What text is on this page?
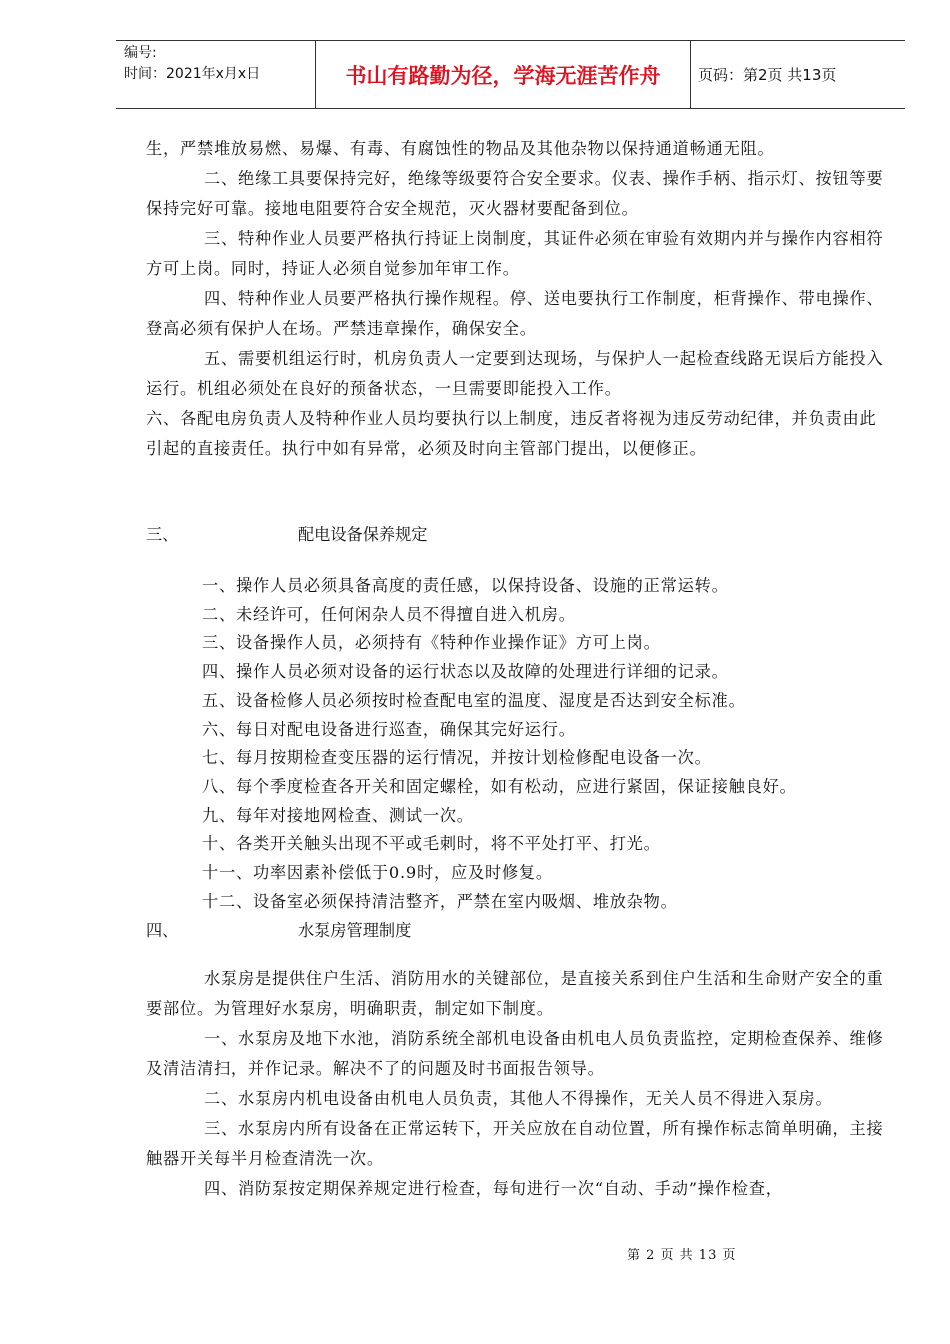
编号:
时间：2021年x月x日	书山有路勤为径，学海无涯苦作舟	页码：第2页 共13页

生，严禁堆放易燃、易爆、有毒、有腐蚀性的物品及其他杂物以保持通道畅通无阻。

二、绝缘工具要保持完好，绝缘等级要符合安全要求。仪表、操作手柄、指示灯、按钮等要保持完好可靠。接地电阻要符合安全规范，灭火器材要配备到位。

三、特种作业人员要严格执行持证上岗制度，其证件必须在审验有效期内并与操作内容相符方可上岗。同时，持证人必须自觉参加年审工作。

四、特种作业人员要严格执行操作规程。停、送电要执行工作制度，柜背操作、带电操作、登高必须有保护人在场。严禁违章操作，确保安全。

五、需要机组运行时，机房负责人一定要到达现场，与保护人一起检查线路无误后方能投入运行。机组必须处在良好的预备状态，一旦需要即能投入工作。

六、各配电房负责人及特种作业人员均要执行以上制度，违反者将视为违反劳动纪律，并负责由此引起的直接责任。执行中如有异常，必须及时向主管部门提出，以便修正。

三、	配电设备保养规定

一、操作人员必须具备高度的责任感，以保持设备、设施的正常运转。

二、未经许可，任何闲杂人员不得擅自进入机房。

三、设备操作人员，必须持有《特种作业操作证》方可上岗。

四、操作人员必须对设备的运行状态以及故障的处理进行详细的记录。

五、设备检修人员必须按时检查配电室的温度、湿度是否达到安全标准。

六、每日对配电设备进行巡查，确保其完好运行。

七、每月按期检查变压器的运行情况，并按计划检修配电设备一次。

八、每个季度检查各开关和固定螺栓，如有松动，应进行紧固，保证接触良好。

九、每年对接地网检查、测试一次。

十、各类开关触头出现不平或毛刺时，将不平处打平、打光。

十一、功率因素补偿低于0.9时，应及时修复。

十二、设备室必须保持清洁整齐，严禁在室内吸烟、堆放杂物。

四、	水泵房管理制度

水泵房是提供住户生活、消防用水的关键部位，是直接关系到住户生活和生命财产安全的重要部位。为管理好水泵房，明确职责，制定如下制度。

一、水泵房及地下水池，消防系统全部机电设备由机电人员负责监控，定期检查保养、维修及清洁清扫，并作记录。解决不了的问题及时书面报告领导。

二、水泵房内机电设备由机电人员负责，其他人不得操作，无关人员不得进入泵房。

三、水泵房内所有设备在正常运转下，开关应放在自动位置，所有操作标志简单明确，主接触器开关每半月检查清洗一次。

四、消防泵按定期保养规定进行检查，每旬进行一次“自动、手动”操作检查，

第 2 页 共 13 页
